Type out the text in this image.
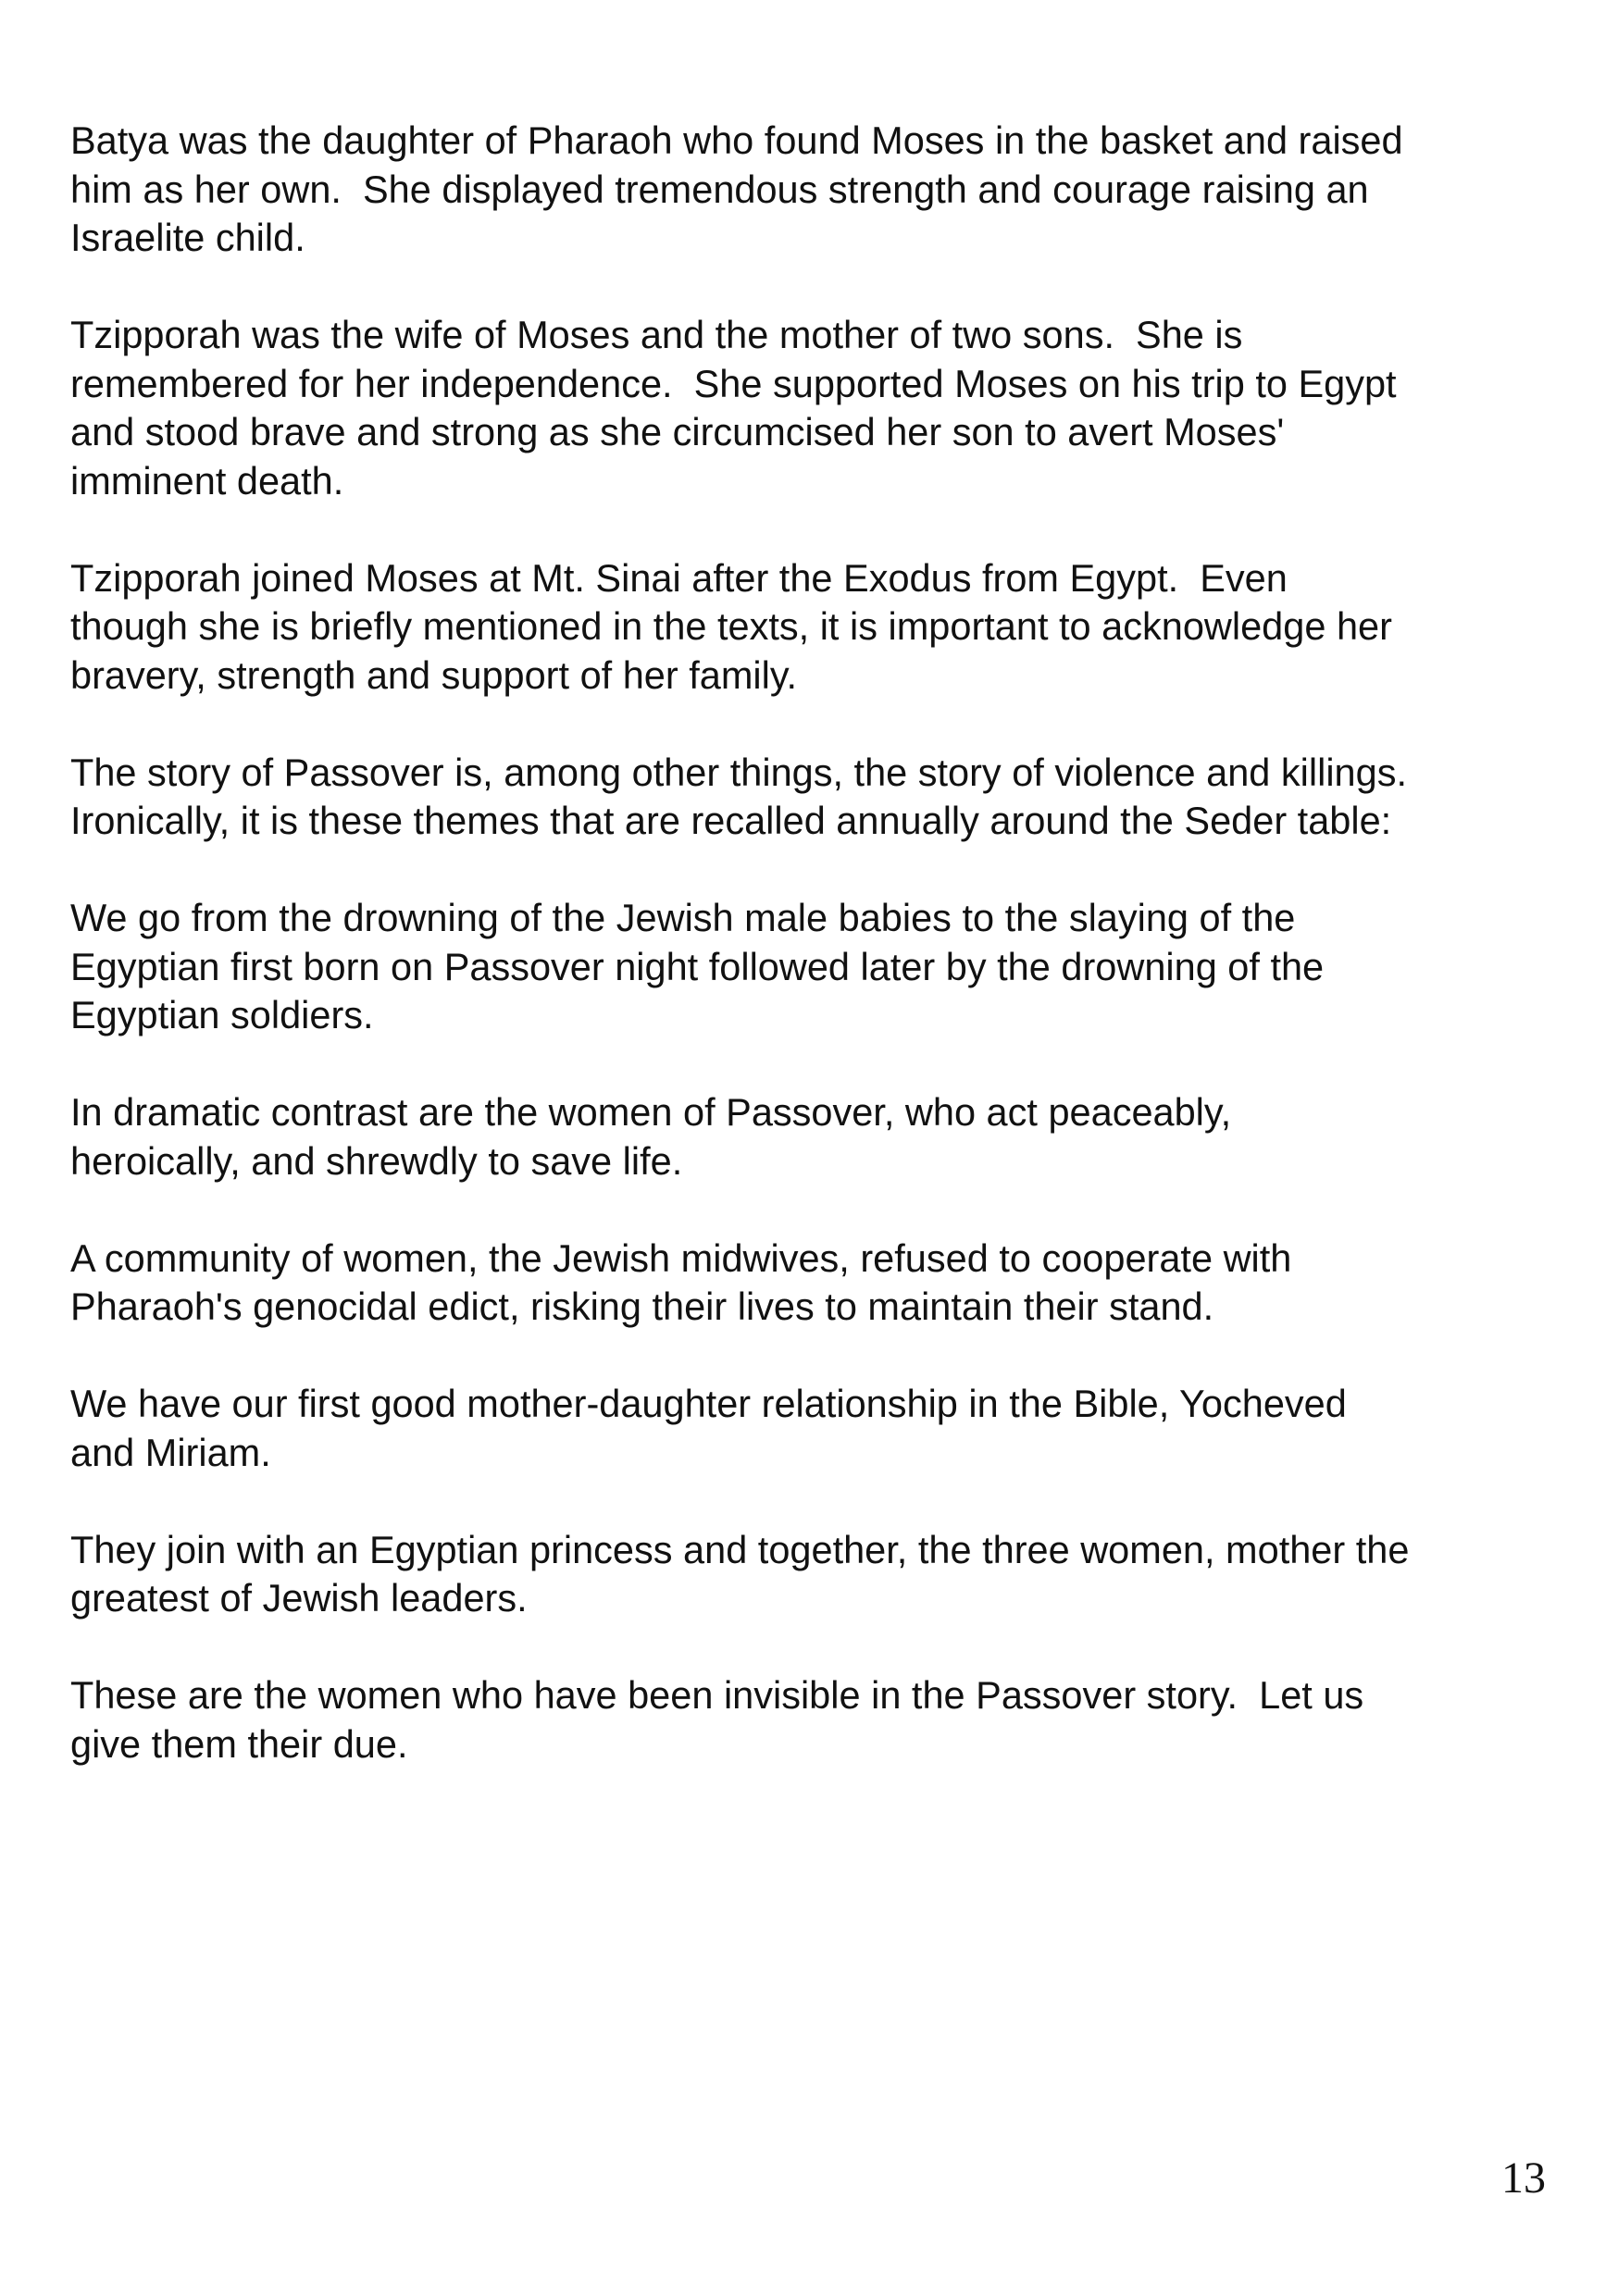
Batya was the daughter of Pharaoh who found Moses in the basket and raised
him as her own.  She displayed tremendous strength and courage raising an
Israelite child.

Tzipporah was the wife of Moses and the mother of two sons.  She is
remembered for her independence.  She supported Moses on his trip to Egypt
and stood brave and strong as she circumcised her son to avert Moses'
imminent death.

Tzipporah joined Moses at Mt. Sinai after the Exodus from Egypt.  Even
though she is briefly mentioned in the texts, it is important to acknowledge her
bravery, strength and support of her family.

The story of Passover is, among other things, the story of violence and killings.
Ironically, it is these themes that are recalled annually around the Seder table:

We go from the drowning of the Jewish male babies to the slaying of the
Egyptian first born on Passover night followed later by the drowning of the
Egyptian soldiers.

In dramatic contrast are the women of Passover, who act peaceably,
heroically, and shrewdly to save life.

A community of women, the Jewish midwives, refused to cooperate with
Pharaoh's genocidal edict, risking their lives to maintain their stand.

We have our first good mother-daughter relationship in the Bible, Yocheved
and Miriam.

They join with an Egyptian princess and together, the three women, mother the
greatest of Jewish leaders.

These are the women who have been invisible in the Passover story.  Let us
give them their due.

13
